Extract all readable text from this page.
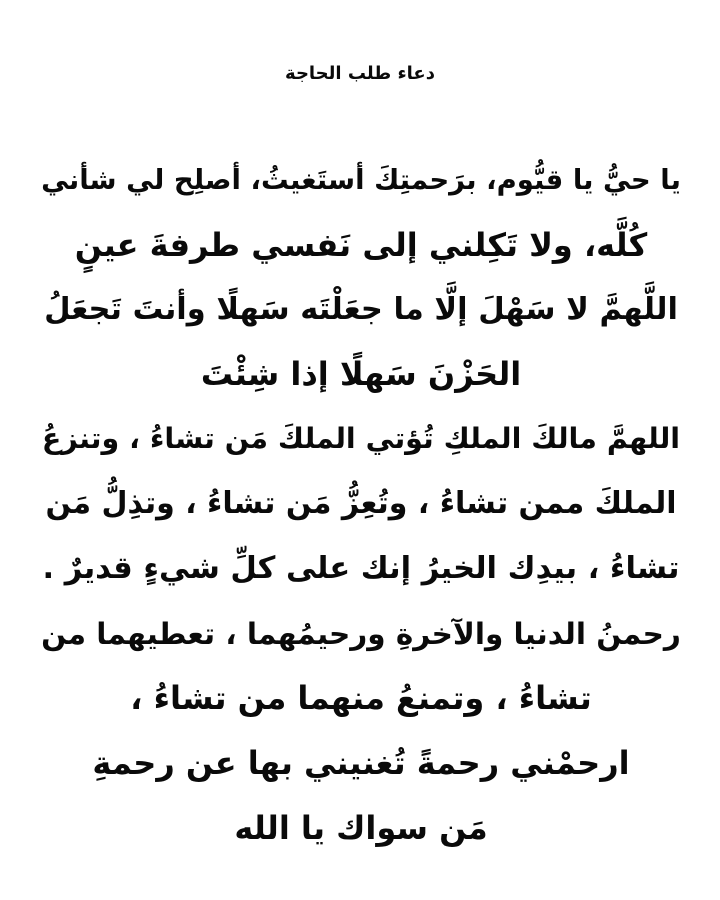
دعاء طلب الحاجة
يا حيُّ يا قيُّوم، برَحمتِكَ أستَغيثُ، أصلِح لي شأني
كُلَّه، ولا تَكِلني إلى نَفسي طرفةَ عينٍ
اللَّهمَّ لا سَهْلَ إلَّا ما جعَلْتَه سَهلًا وأنتَ تَجعَلُ
الحَزْنَ سَهلًا إذا شِئْتَ
اللهمَّ مالكَ الملكِ تُؤتي الملكَ مَن تشاءُ ، وتنزعُ
الملكَ ممن تشاءُ ، وتُعِزُّ مَن تشاءُ ، وتذِلُّ مَن
تشاءُ ، بيدِك الخيرُ إنك على كلِّ شيءٍ قديرٌ .
رحمنُ الدنيا والآخرةِ ورحيمُهما ، تعطيهما من
تشاءُ ، وتمنعُ منهما من تشاءُ ،
ارحمْني رحمةً تُغنيني بها عن رحمةِ
مَن سواك يا الله
